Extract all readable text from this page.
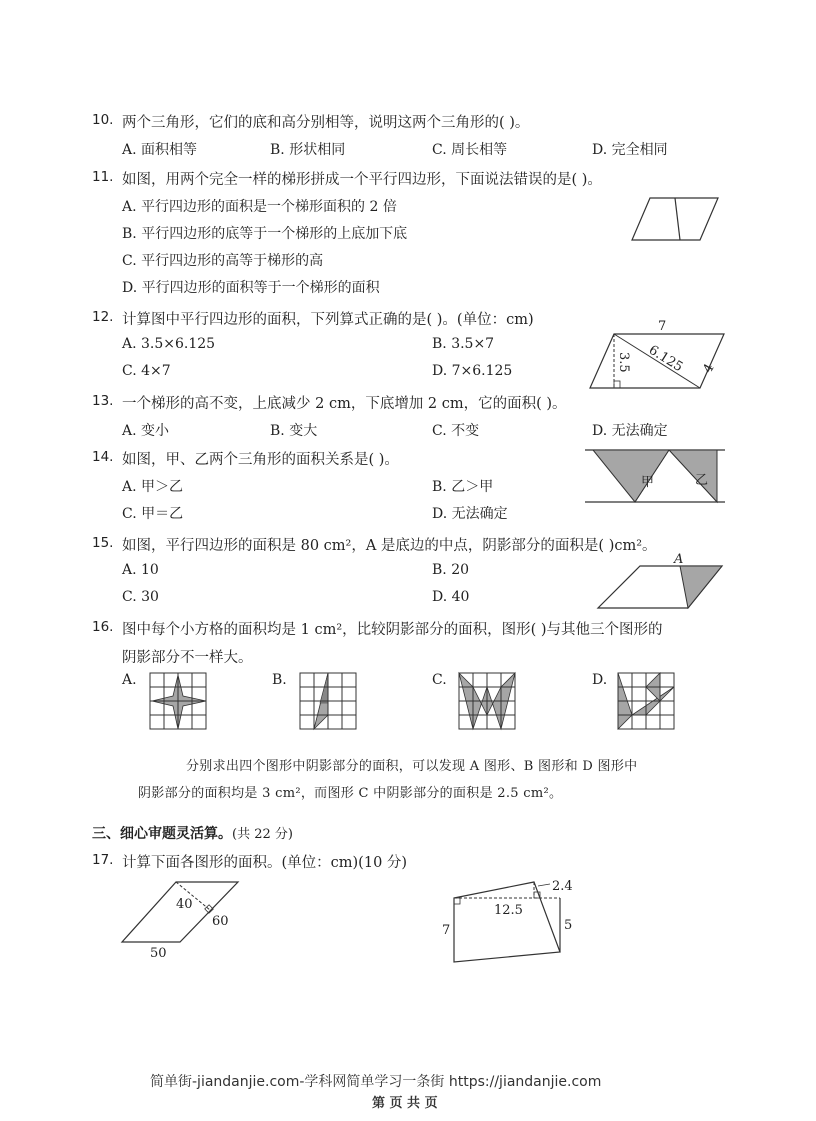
10. 两个三角形，它们的底和高分别相等，说明这两个三角形的( )。
A. 面积相等	B. 形状相同	C. 周长相等	D. 完全相同
11. 如图，用两个完全一样的梯形拼成一个平行四边形，下面说法错误的是( )。
A. 平行四边形的面积是一个梯形面积的 2 倍
B. 平行四边形的底等于一个梯形的上底加下底
C. 平行四边形的高等于梯形的高
D. 平行四边形的面积等于一个梯形的面积
12. 计算图中平行四边形的面积，下列算式正确的是( )。(单位：cm)
A. 3.5×6.125	B. 3.5×7
C. 4×7	D. 7×6.125
7
6.125
3.5	4
13. 一个梯形的高不变，上底减少 2 cm，下底增加 2 cm，它的面积( )。
A. 变小	B. 变大	C. 不变	D. 无法确定
14. 如图，甲、乙两个三角形的面积关系是( )。
A. 甲＞乙	B. 乙＞甲
C. 甲＝乙	D. 无法确定
甲	乙
15. 如图，平行四边形的面积是 80 cm²，A 是底边的中点，阴影部分的面积是( )cm²。
A. 10	B. 20
C. 30	D. 40
A
16. 图中每个小方格的面积均是 1 cm²，比较阴影部分的面积，图形( )与其他三个图形的
阴影部分不一样大。
A.	B.	C.	D.
分别求出四个图形中阴影部分的面积，可以发现 A 图形、B 图形和 D 图形中
阴影部分的面积均是 3 cm²，而图形 C 中阴影部分的面积是 2.5 cm²。
三、细心审题灵活算。(共 22 分)
17. 计算下面各图形的面积。(单位：cm)(10 分)
40
60
50
2.4
12.5
7	5
简单街-jiandanjie.com-学科网简单学习一条街 https://jiandanjie.com
第 页 共 页
